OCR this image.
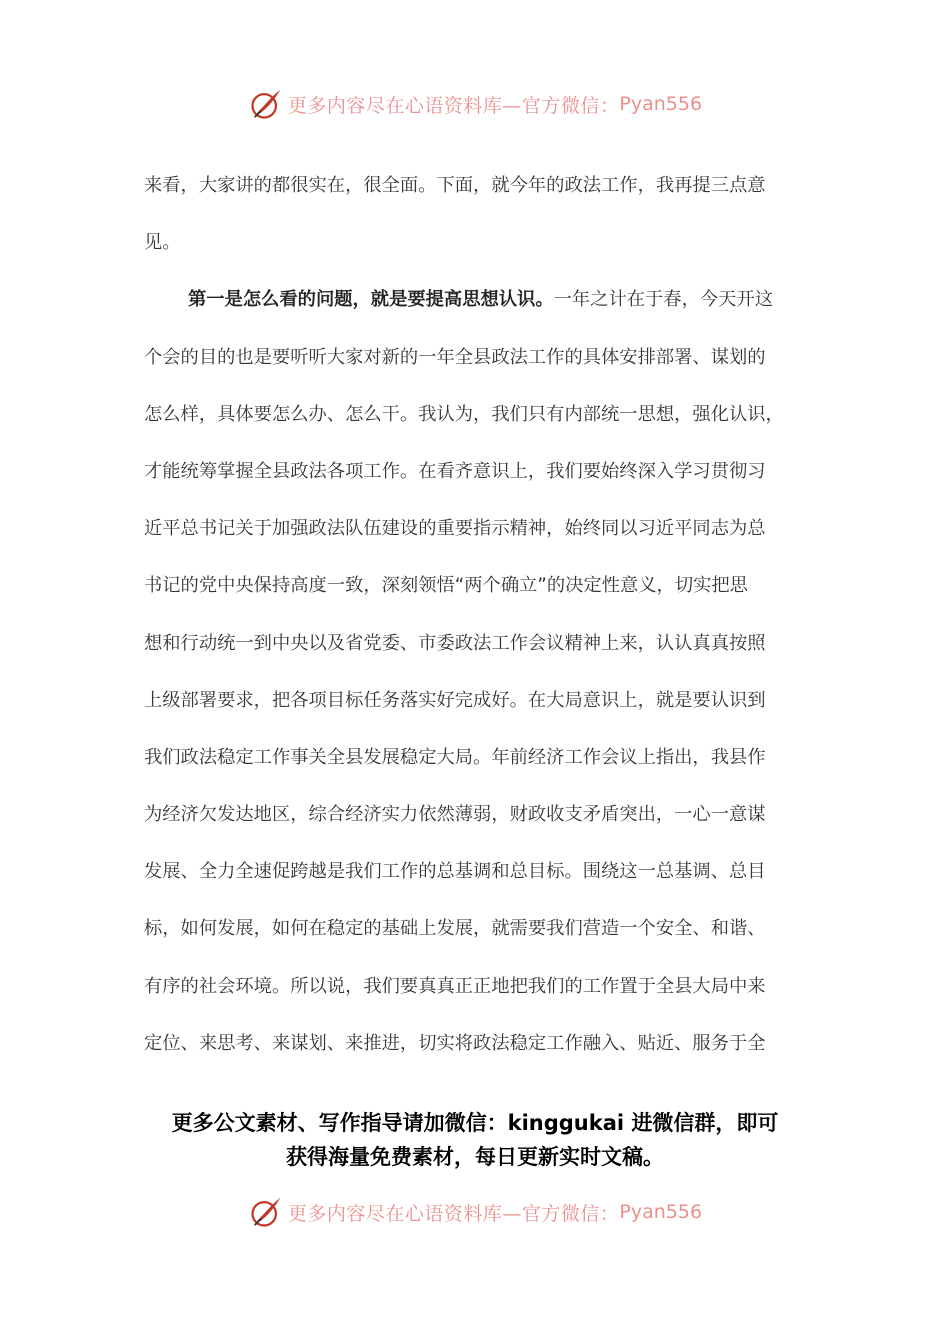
更多内容尽在心语资料库—官方微信： Pyan556
来看，大家讲的都很实在，很全面。下面，就今年的政法工作，我再提三点意
见。
第一是怎么看的问题，就是要提高思想认识。一年之计在于春，今天开这
个会的目的也是要听听大家对新的一年全县政法工作的具体安排部署、谋划的
怎么样，具体要怎么办、怎么干。我认为，我们只有内部统一思想，强化认识，
才能统筹掌握全县政法各项工作。在看齐意识上，我们要始终深入学习贯彻习
近平总书记关于加强政法队伍建设的重要指示精神，始终同以习近平同志为总
书记的党中央保持高度一致，深刻领悟“两个确立”的决定性意义，切实把思
想和行动统一到中央以及省党委、市委政法工作会议精神上来，认认真真按照
上级部署要求，把各项目标任务落实好完成好。在大局意识上，就是要认识到
我们政法稳定工作事关全县发展稳定大局。年前经济工作会议上指出，我县作
为经济欠发达地区，综合经济实力依然薄弱，财政收支矛盾突出，一心一意谋
发展、全力全速促跨越是我们工作的总基调和总目标。围绕这一总基调、总目
标，如何发展，如何在稳定的基础上发展，就需要我们营造一个安全、和谐、
有序的社会环境。所以说，我们要真真正正地把我们的工作置于全县大局中来
定位、来思考、来谋划、来推进，切实将政法稳定工作融入、贴近、服务于全
更多公文素材、写作指导请加微信：kinggukai 进微信群，即可
获得海量免费素材，每日更新实时文稿。
更多内容尽在心语资料库—官方微信： Pyan556
